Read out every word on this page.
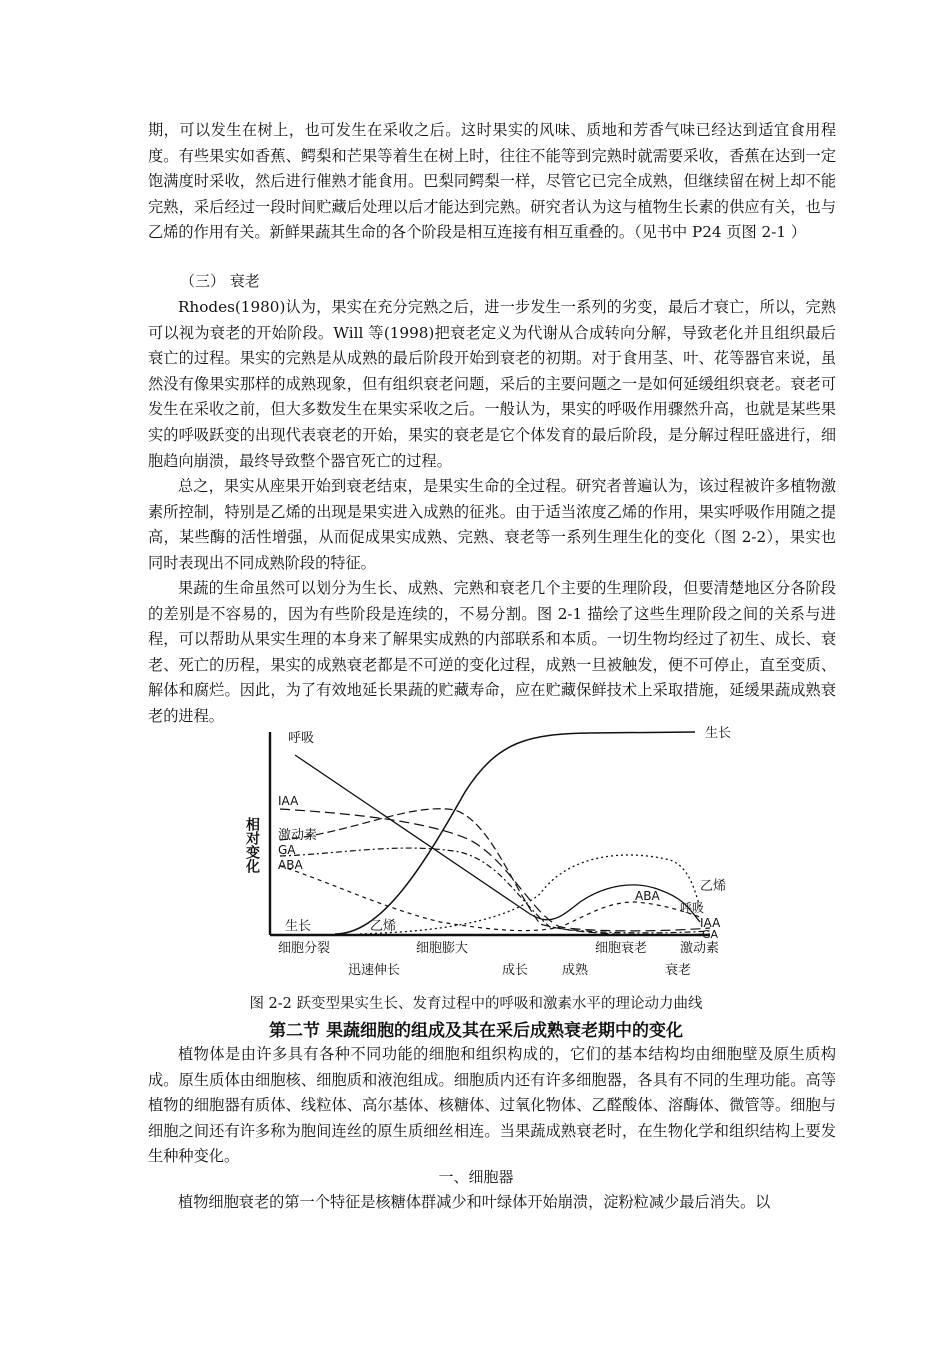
期，可以发生在树上，也可发生在采收之后。这时果实的风味、质地和芳香气味已经达到适宜食用程度。有些果实如香蕉、鳄梨和芒果等着生在树上时，往往不能等到完熟时就需要采收，香蕉在达到一定饱满度时采收，然后进行催熟才能食用。巴梨同鳄梨一样，尽管它已完全成熟，但继续留在树上却不能完熟，采后经过一段时间贮藏后处理以后才能达到完熟。研究者认为这与植物生长素的供应有关，也与乙烯的作用有关。新鲜果蔬其生命的各个阶段是相互连接有相互重叠的。（见书中 P24 页图 2-1 ）

（三） 衰老

Rhodes(1980)认为，果实在充分完熟之后，进一步发生一系列的劣变，最后才衰亡，所以，完熟可以视为衰老的开始阶段。Will 等(1998)把衰老定义为代谢从合成转向分解，导致老化并且组织最后衰亡的过程。果实的完熟是从成熟的最后阶段开始到衰老的初期。对于食用茎、叶、花等器官来说，虽然没有像果实那样的成熟现象，但有组织衰老问题，采后的主要问题之一是如何延缓组织衰老。衰老可发生在采收之前，但大多数发生在果实采收之后。一般认为，果实的呼吸作用骤然升高，也就是某些果实的呼吸跃变的出现代表衰老的开始，果实的衰老是它个体发育的最后阶段，是分解过程旺盛进行，细胞趋向崩溃，最终导致整个器官死亡的过程。

总之，果实从座果开始到衰老结束，是果实生命的全过程。研究者普遍认为，该过程被许多植物激素所控制，特别是乙烯的出现是果实进入成熟的征兆。由于适当浓度乙烯的作用，果实呼吸作用随之提高，某些酶的活性增强，从而促成果实成熟、完熟、衰老等一系列生理生化的变化（图 2-2），果实也同时表现出不同成熟阶段的特征。

果蔬的生命虽然可以划分为生长、成熟、完熟和衰老几个主要的生理阶段，但要清楚地区分各阶段的差别是不容易的，因为有些阶段是连续的，不易分割。图 2-1 描绘了这些生理阶段之间的关系与进程，可以帮助从果实生理的本身来了解果实成熟的内部联系和本质。一切生物均经过了初生、成长、衰老、死亡的历程，果实的成熟衰老都是不可逆的变化过程，成熟一旦被触发，便不可停止，直至变质、解体和腐烂。因此，为了有效地延长果蔬的贮藏寿命，应在贮藏保鲜技术上采取措施，延缓果蔬成熟衰老的进程。

相对变化
呼吸
IAA
激动素
GA
ABA
生长
乙烯
ABA
呼吸
IAA
GA
生长	乙烯
细胞分裂	细胞膨大	细胞衰老	激动素
迅速伸长	成长	成熟	衰老

图 2-2 跃变型果实生长、发育过程中的呼吸和激素水平的理论动力曲线

第二节 果蔬细胞的组成及其在采后成熟衰老期中的变化

植物体是由许多具有各种不同功能的细胞和组织构成的，它们的基本结构均由细胞壁及原生质构成。原生质体由细胞核、细胞质和液泡组成。细胞质内还有许多细胞器，各具有不同的生理功能。高等植物的细胞器有质体、线粒体、高尔基体、核糖体、过氧化物体、乙醛酸体、溶酶体、微管等。细胞与细胞之间还有许多称为胞间连丝的原生质细丝相连。当果蔬成熟衰老时，在生物化学和组织结构上要发生种种变化。

一、细胞器

植物细胞衰老的第一个特征是核糖体群减少和叶绿体开始崩溃，淀粉粒减少最后消失。以
